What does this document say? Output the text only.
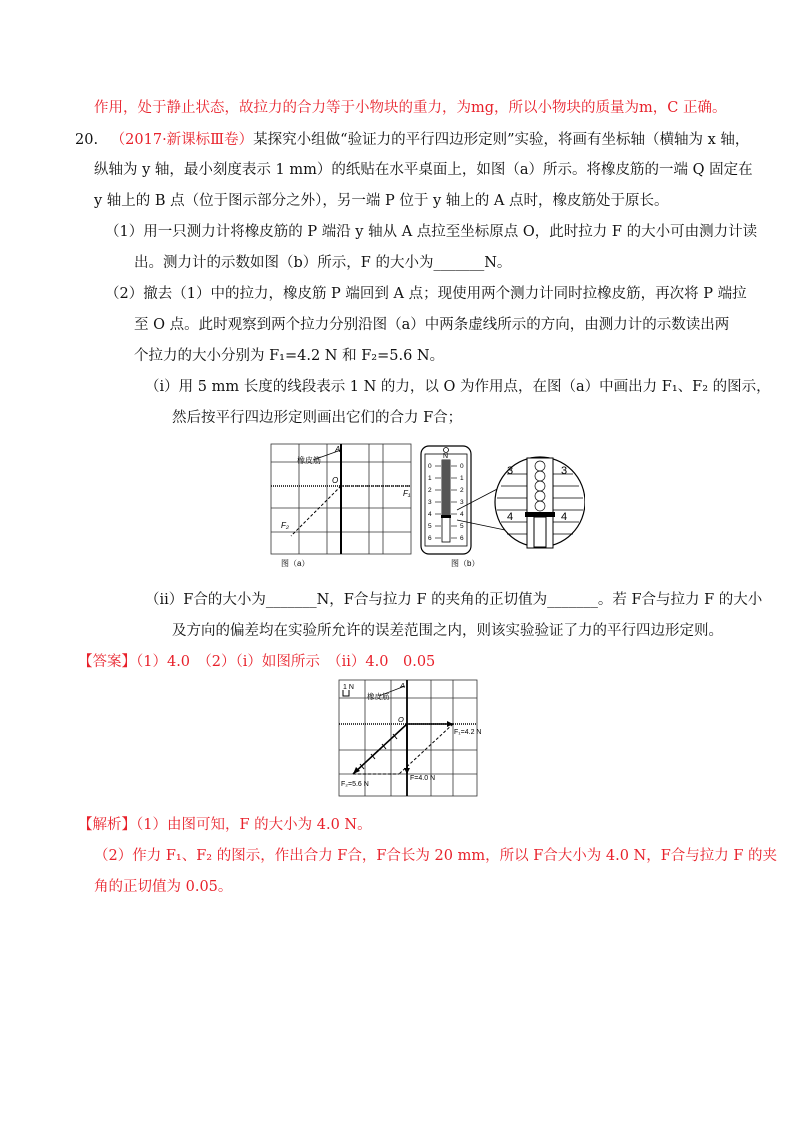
作用，处于静止状态，故拉力的合力等于小物块的重力，为mg，所以小物块的质量为m，C 正确。
20. （2017·新课标Ⅲ卷）某探究小组做“验证力的平行四边形定则”实验，将画有坐标轴（横轴为 x 轴，
纵轴为 y 轴，最小刻度表示 1 mm）的纸贴在水平桌面上，如图（a）所示。将橡皮筋的一端 Q 固定在
y 轴上的 B 点（位于图示部分之外），另一端 P 位于 y 轴上的 A 点时，橡皮筋处于原长。
（1）用一只测力计将橡皮筋的 P 端沿 y 轴从 A 点拉至坐标原点 O，此时拉力 F 的大小可由测力计读
出。测力计的示数如图（b）所示，F 的大小为_______N。
（2）撤去（1）中的拉力，橡皮筋 P 端回到 A 点；现使用两个测力计同时拉橡皮筋，再次将 P 端拉
至 O 点。此时观察到两个拉力分别沿图（a）中两条虚线所示的方向，由测力计的示数读出两
个拉力的大小分别为 F₁=4.2 N 和 F₂=5.6 N。
（i）用 5 mm 长度的线段表示 1 N 的力，以 O 为作用点，在图（a）中画出力 F₁、F₂ 的图示，
然后按平行四边形定则画出它们的合力 F合；
橡皮筋
A
O
F₁
F₂
图（a）
0
1
2
3
4
5
6
0
1
2
3
4
5
6
N
3	3
4	4
图（b）
（ii）F合的大小为_______N，F合与拉力 F 的夹角的正切值为_______。若 F合与拉力 F 的大小
及方向的偏差均在实验所允许的误差范围之内，则该实验验证了力的平行四边形定则。
【答案】（1）4.0　（2）（i）如图所示　（ii）4.0　0.05
1 N
橡皮筋
A
O
F₁=4.2 N
F₂=5.6 N
F=4.0 N
【解析】（1）由图可知，F 的大小为 4.0 N。
（2）作力 F₁、F₂ 的图示，作出合力 F合，F合长为 20 mm，所以 F合大小为 4.0 N，F合与拉力 F 的夹
角的正切值为 0.05。
